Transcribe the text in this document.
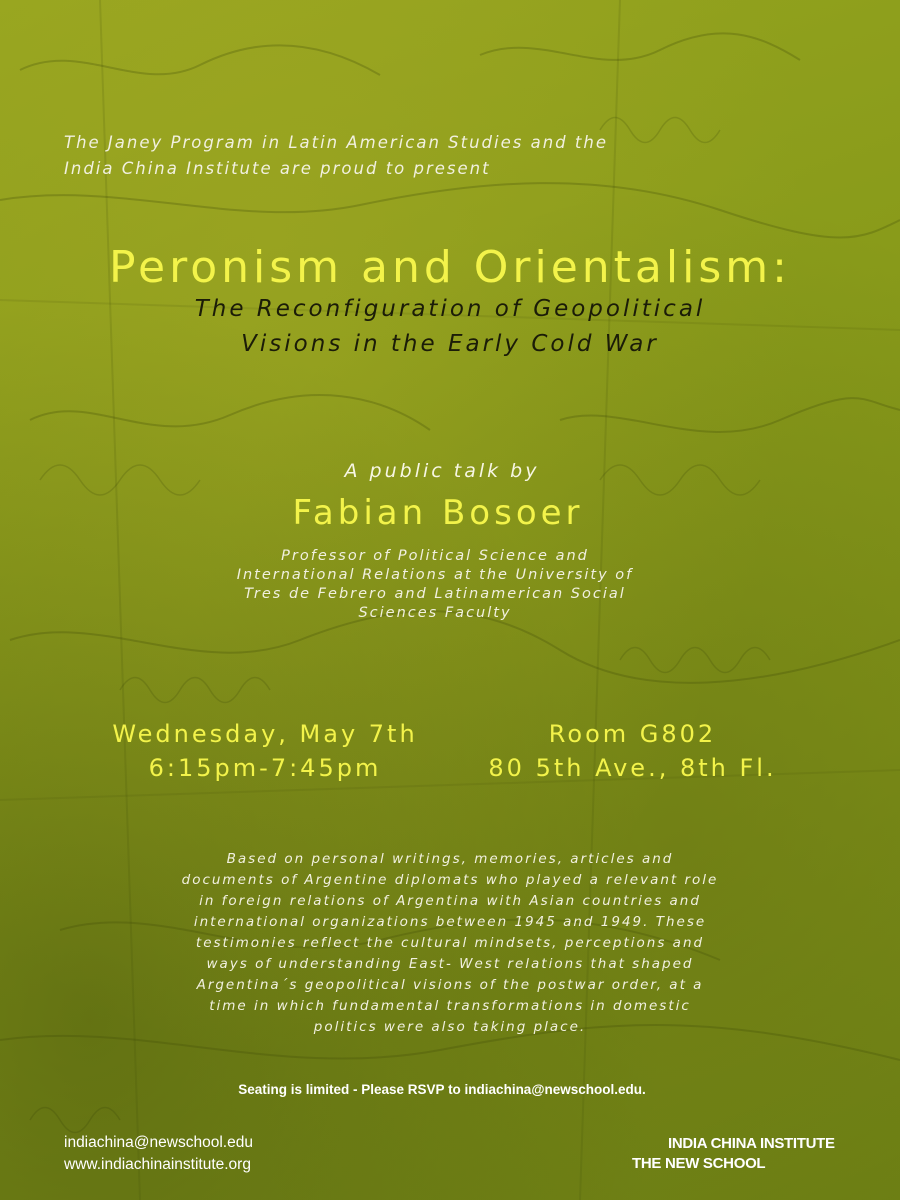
The Janey Program in Latin American Studies and the
India China Institute are proud to present
Peronism and Orientalism:
The Reconfiguration of Geopolitical
Visions in the Early Cold War
A public talk by
Fabian Bosoer
Professor of Political Science and
International Relations at the University of
Tres de Febrero and Latinamerican Social
Sciences Faculty
Wednesday, May 7th
6:15pm-7:45pm
Room G802
80 5th Ave., 8th Fl.
Based on personal writings, memories, articles and
documents of Argentine diplomats who played a relevant role
in foreign relations of Argentina with Asian countries and
international organizations between 1945 and 1949. These
testimonies reflect the cultural mindsets, perceptions and
ways of understanding East- West relations that shaped
Argentina´s geopolitical visions of the postwar order, at a
time in which fundamental transformations in domestic
politics were also taking place.
Seating is limited - Please RSVP to indiachina@newschool.edu.
indiachina@newschool.edu
www.indiachinainstitute.org
INDIA CHINA INSTITUTE
THE NEW SCHOOL
